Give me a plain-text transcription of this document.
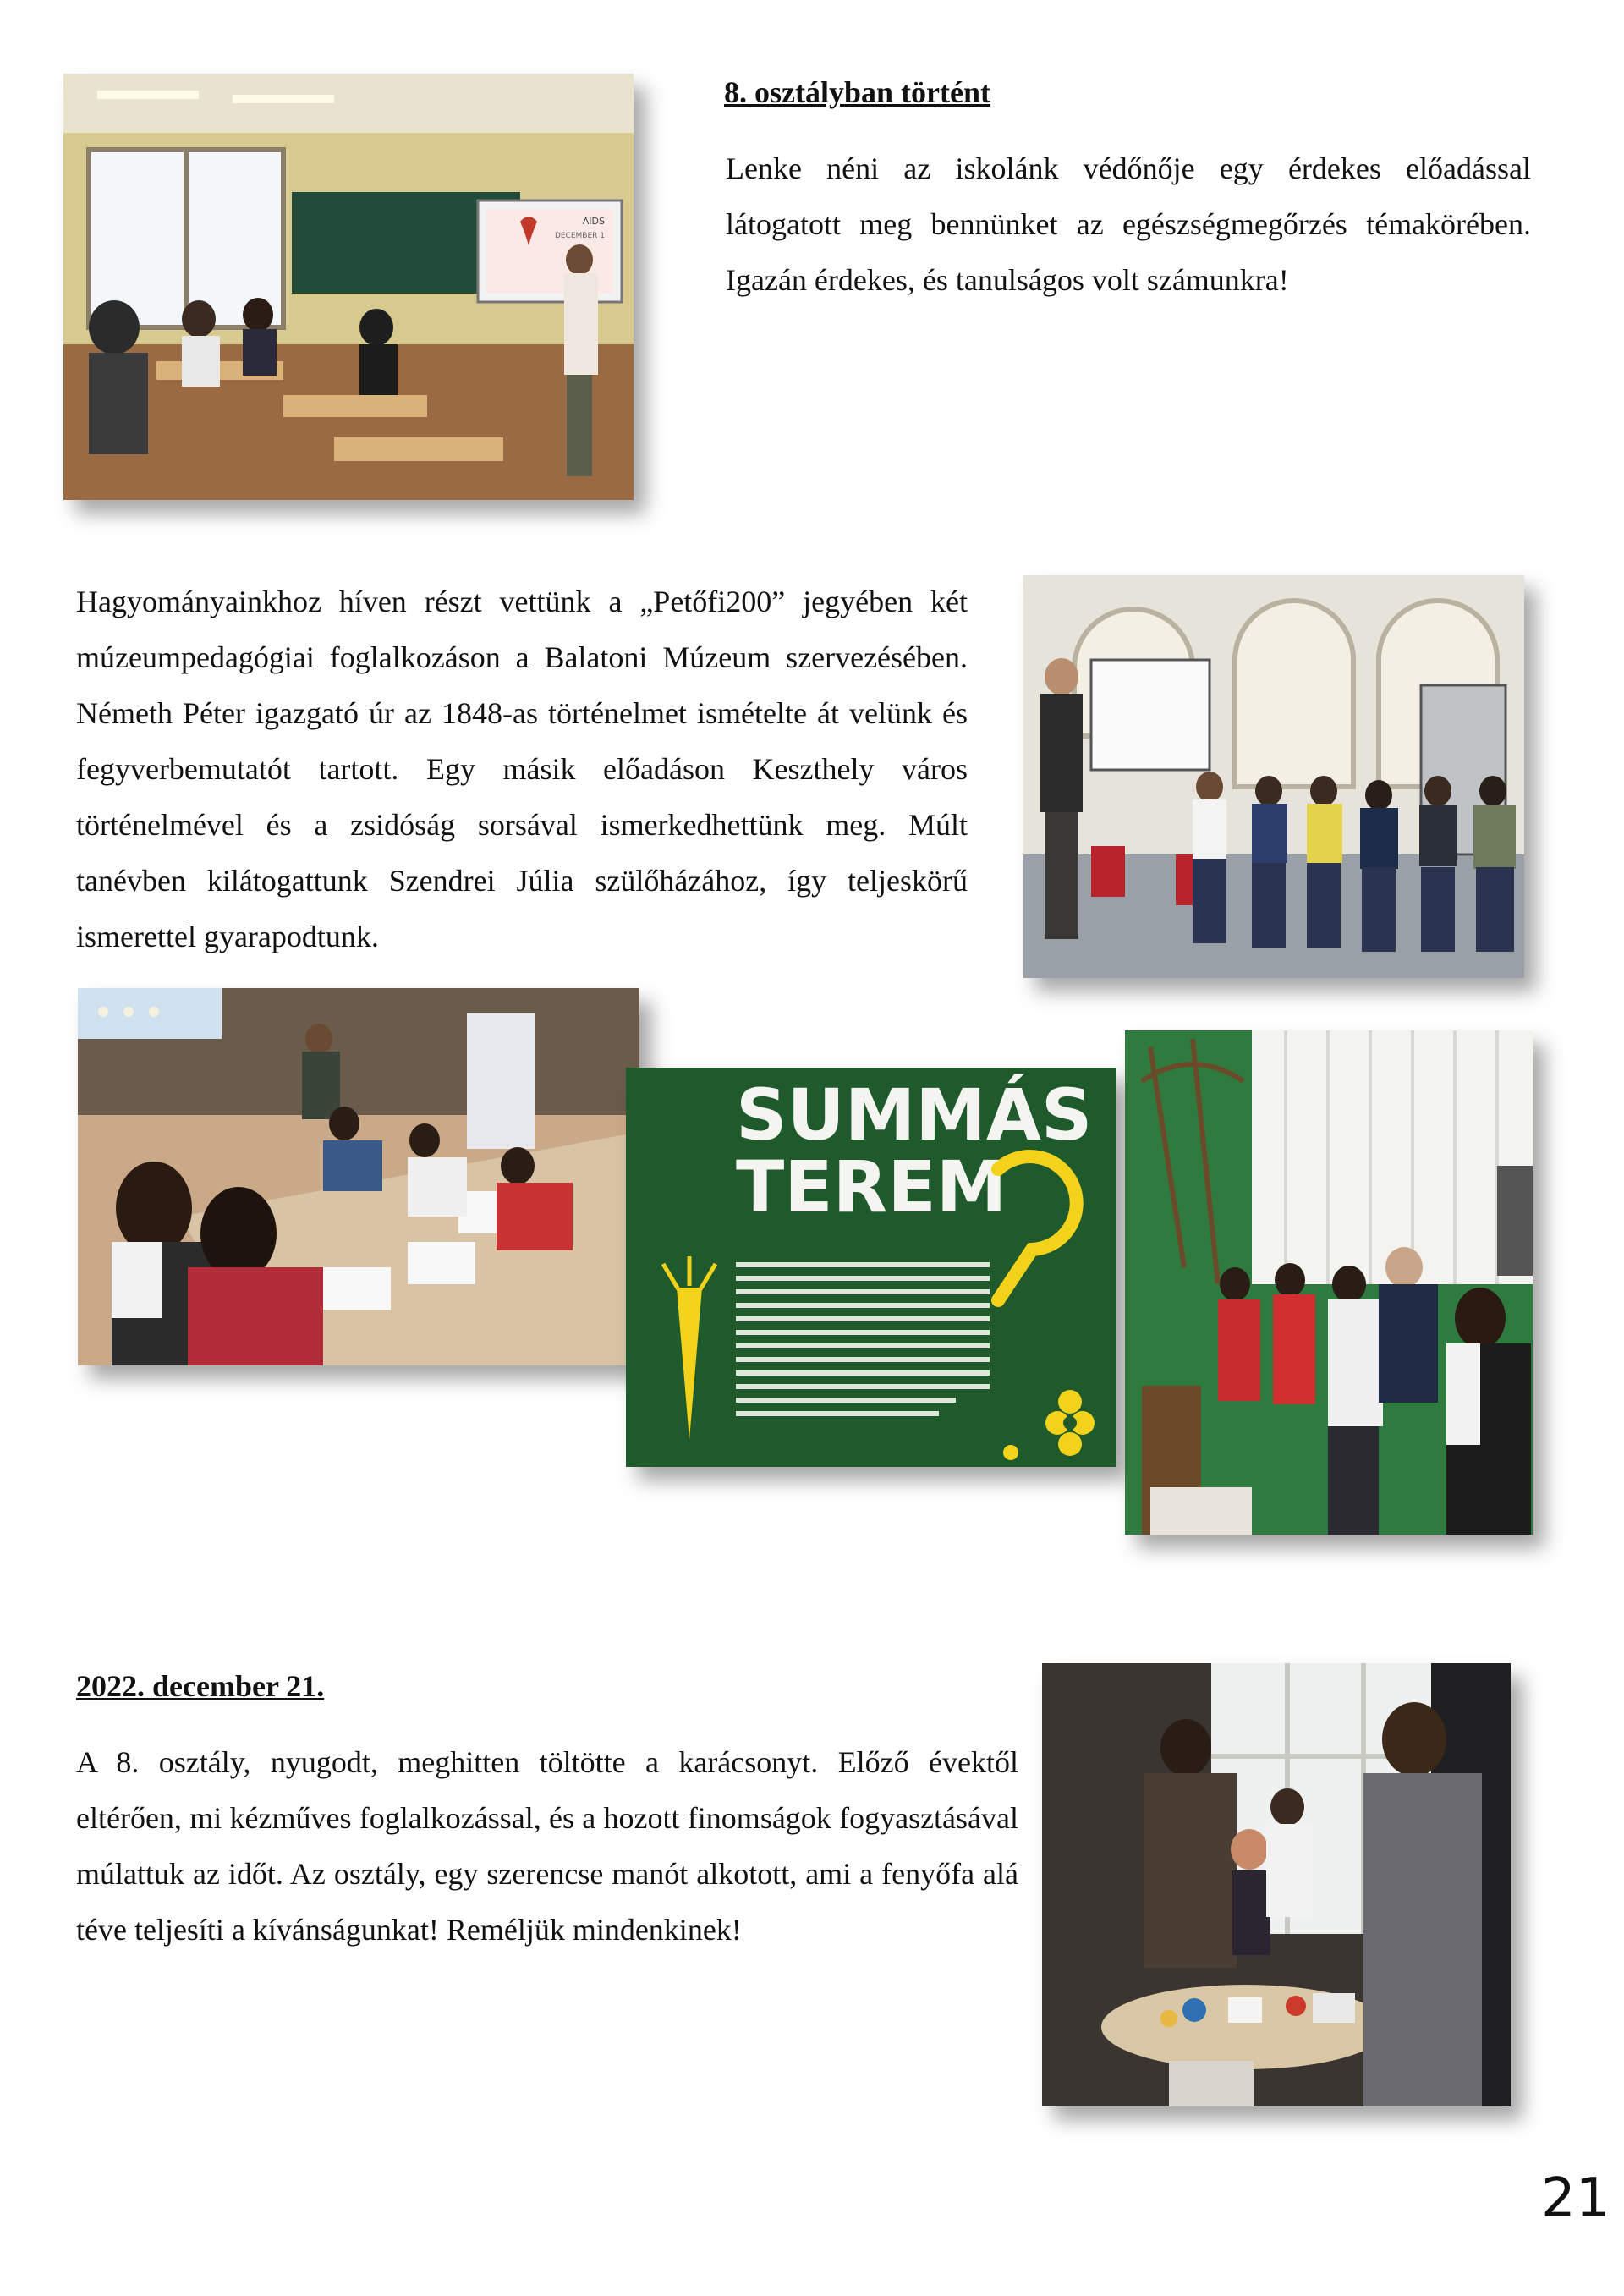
AIDS
DECEMBER 1
8. osztályban történt

Lenke néni az iskolánk védőnője egy érdekes előadással látogatott meg bennünket az egészségmegőrzés témakörében. Igazán érdekes, és tanulságos volt számunkra!

Hagyományainkhoz híven részt vettünk a „Petőfi200” jegyében két múzeumpedagógiai foglalkozáson a Balatoni Múzeum szervezésében. Németh Péter igazgató úr az 1848-as történelmet ismételte át velünk és fegyverbemutatót tartott. Egy másik előadáson Keszthely város történelmével és a zsidóság sorsával ismerkedhettünk meg. Múlt tanévben kilátogattunk Szendrei Júlia szülőházához, így teljeskörű ismerettel gyarapodtunk.

SUMMÁS
TEREM
2022. december 21.

A 8. osztály, nyugodt, meghitten töltötte a karácsonyt. Előző évektől eltérően, mi kézműves foglalkozással, és a hozott finomságok fogyasztásával múlattuk az időt. Az osztály, egy szerencse manót alkotott, ami a fenyőfa alá téve teljesíti a kívánságunkat! Reméljük mindenkinek!

21
